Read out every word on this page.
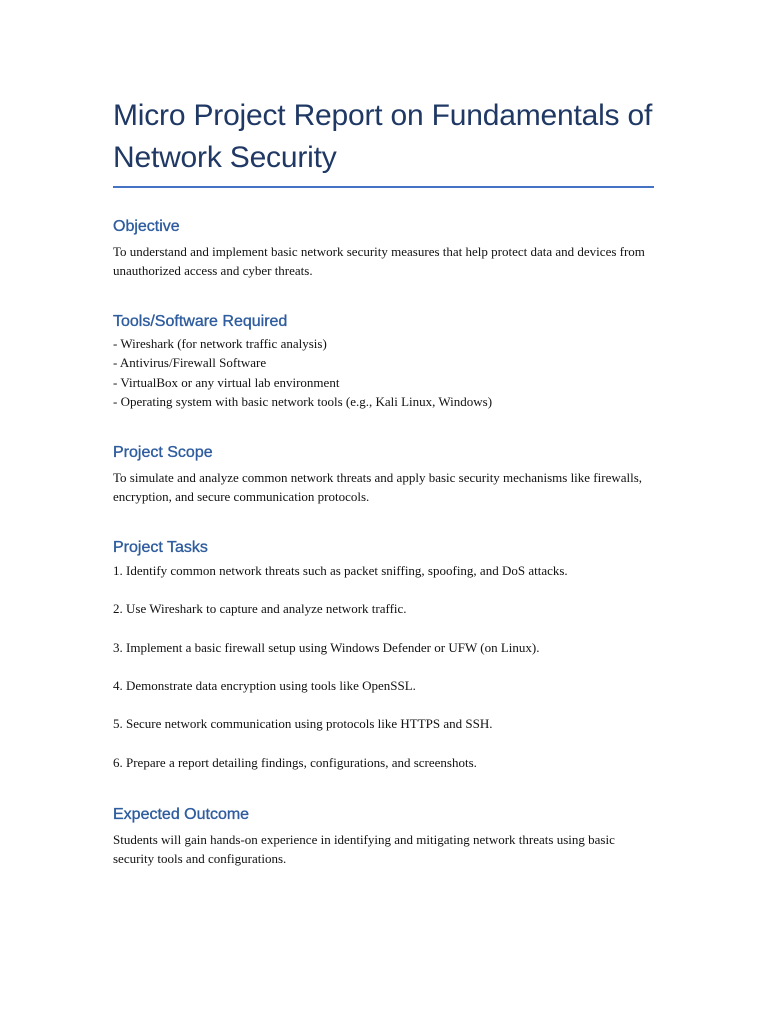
Micro Project Report on Fundamentals of Network Security
Objective

To understand and implement basic network security measures that help protect data and devices from unauthorized access and cyber threats.

Tools/Software Required

- Wireshark (for network traffic analysis)

- Antivirus/Firewall Software

- VirtualBox or any virtual lab environment

- Operating system with basic network tools (e.g., Kali Linux, Windows)

Project Scope

To simulate and analyze common network threats and apply basic security mechanisms like firewalls, encryption, and secure communication protocols.

Project Tasks

1. Identify common network threats such as packet sniffing, spoofing, and DoS attacks.

2. Use Wireshark to capture and analyze network traffic.

3. Implement a basic firewall setup using Windows Defender or UFW (on Linux).

4. Demonstrate data encryption using tools like OpenSSL.

5. Secure network communication using protocols like HTTPS and SSH.

6. Prepare a report detailing findings, configurations, and screenshots.

Expected Outcome

Students will gain hands-on experience in identifying and mitigating network threats using basic security tools and configurations.
